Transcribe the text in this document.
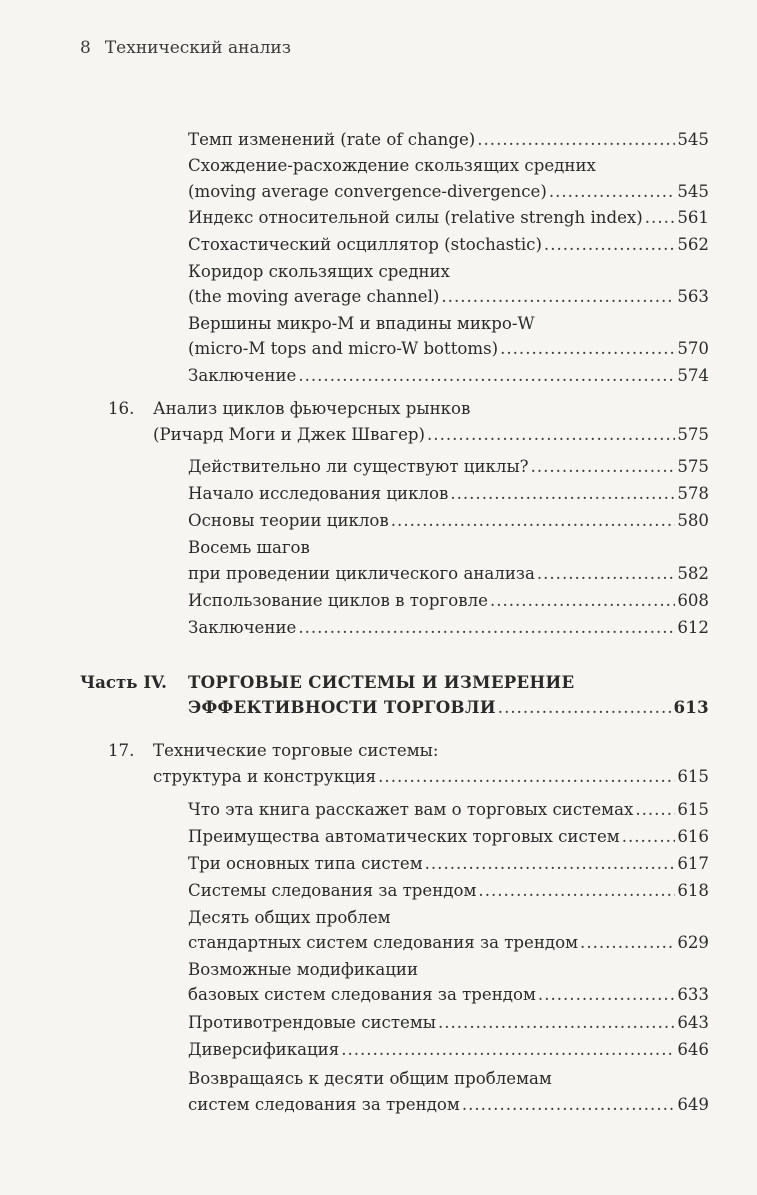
8 Технический анализ
Темп изменений (rate of change) .....	545
Схождение-расхождение скользящих средних
(moving average convergence-divergence) .....	545
Индекс относительной силы (relative strengh index) ..... 561
Стохастический осциллятор (stochastic) .....	562
Коридор скользящих средних
(the moving average channel) .....	563
Вершины микро-M и впадины микро-W
(micro-M tops and micro-W bottoms) .....	570
Заключение .....	574
16. Анализ циклов фьючерсных рынков
(Ричард Моги и Джек Швагер) .....	575
Действительно ли существуют циклы? .....	575
Начало исследования циклов .....	578
Основы теории циклов .....	580
Восемь шагов
при проведении циклического анализа .....	582
Использование циклов в торговле .....	608
Заключение .....	612
Часть IV. ТОРГОВЫЕ СИСТЕМЫ И ИЗМЕРЕНИЕ
ЭФФЕКТИВНОСТИ ТОРГОВЛИ .....	613
17. Технические торговые системы:
структура и конструкция .....	615
Что эта книга расскажет вам о торговых системах .....	615
Преимущества автоматических торговых систем .....	616
Три основных типа систем .....	617
Системы следования за трендом .....	618
Десять общих проблем
стандартных систем следования за трендом .....	629
Возможные модификации
базовых систем следования за трендом .....	633
Противотрендовые системы .....	643
Диверсификация .....	646
Возвращаясь к десяти общим проблемам
систем следования за трендом .....	649
